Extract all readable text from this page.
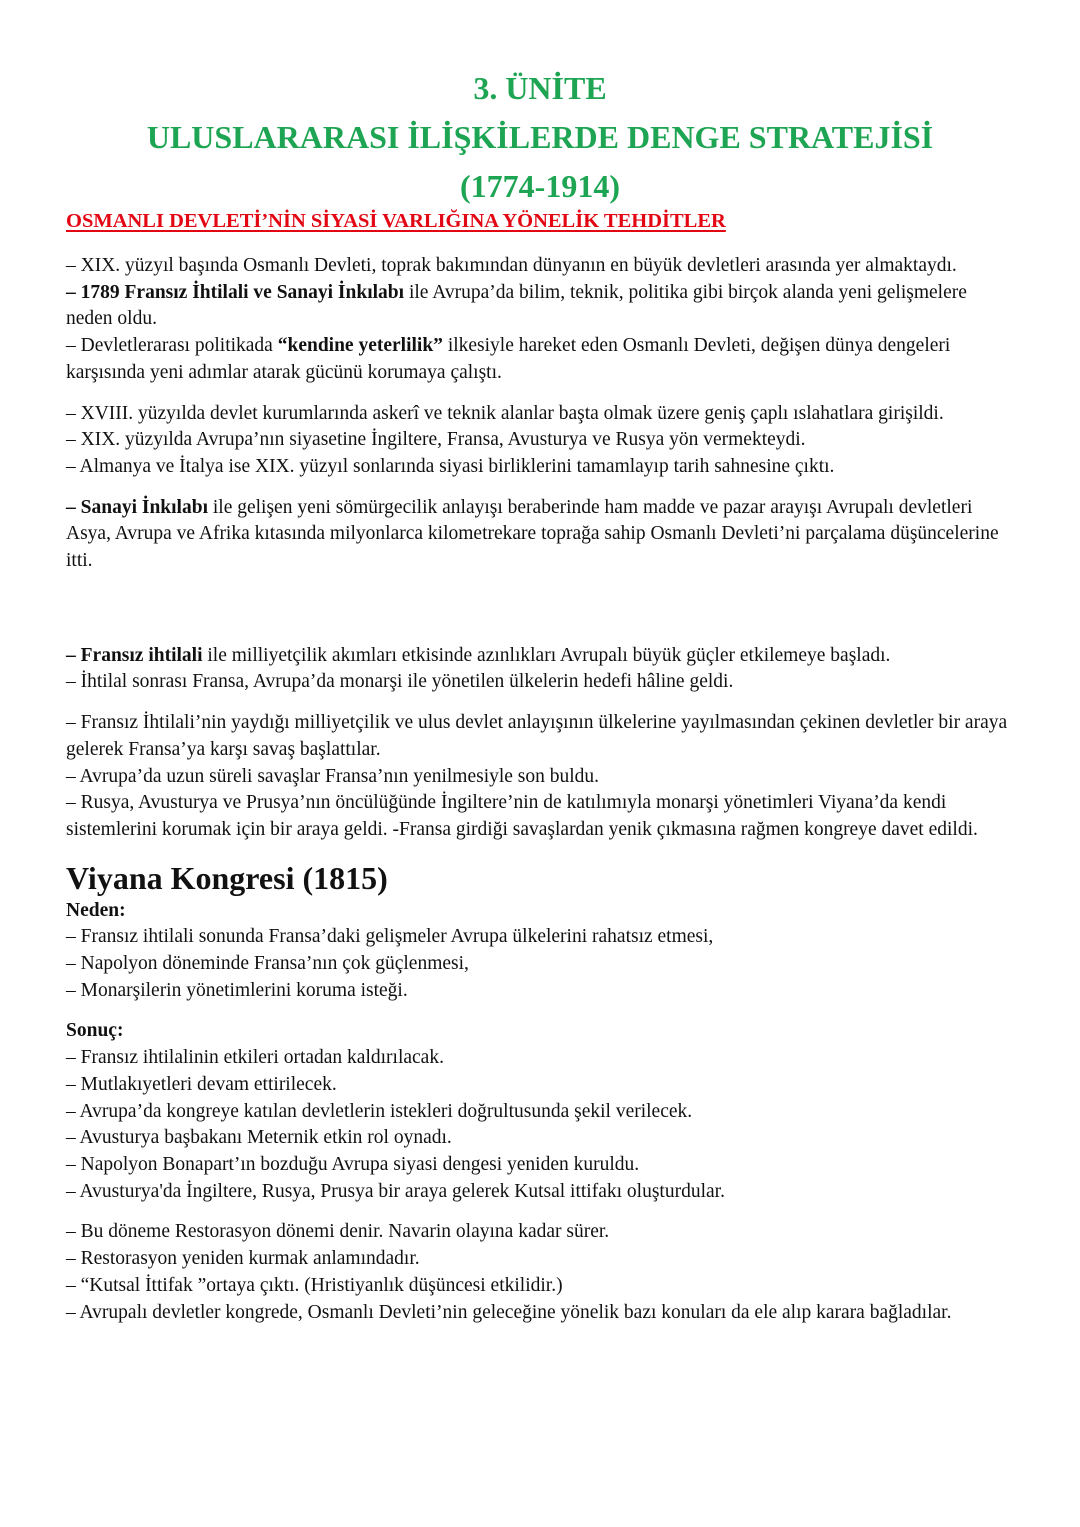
3. ÜNİTE
ULUSLARARASI İLİŞKİLERDE DENGE STRATEJİSİ
(1774-1914)
OSMANLI DEVLETİ’NİN SİYASİ VARLIĞINA YÖNELİK TEHDİTLER

– XIX. yüzyıl başında Osmanlı Devleti, toprak bakımından dünyanın en büyük devletleri arasında yer almaktaydı.

– 1789 Fransız İhtilali ve Sanayi İnkılabı ile Avrupa’da bilim, teknik, politika gibi birçok alanda yeni gelişmelere neden oldu.

– Devletlerarası politikada “kendine yeterlilik” ilkesiyle hareket eden Osmanlı Devleti, değişen dünya dengeleri karşısında yeni adımlar atarak gücünü korumaya çalıştı.

– XVIII. yüzyılda devlet kurumlarında askerî ve teknik alanlar başta olmak üzere geniş çaplı ıslahatlara girişildi.

– XIX. yüzyılda Avrupa’nın siyasetine İngiltere, Fransa, Avusturya ve Rusya yön vermekteydi.

– Almanya ve İtalya ise XIX. yüzyıl sonlarında siyasi birliklerini tamamlayıp tarih sahnesine çıktı.

– Sanayi İnkılabı ile gelişen yeni sömürgecilik anlayışı beraberinde ham madde ve pazar arayışı Avrupalı devletleri Asya, Avrupa ve Afrika kıtasında milyonlarca kilometrekare toprağa sahip Osmanlı Devleti’ni parçalama düşüncelerine itti.

– Fransız ihtilali ile milliyetçilik akımları etkisinde azınlıkları Avrupalı büyük güçler etkilemeye başladı.

– İhtilal sonrası Fransa, Avrupa’da monarşi ile yönetilen ülkelerin hedefi hâline geldi.

– Fransız İhtilali’nin yaydığı milliyetçilik ve ulus devlet anlayışının ülkelerine yayılmasından çekinen devletler bir araya gelerek Fransa’ya karşı savaş başlattılar.

– Avrupa’da uzun süreli savaşlar Fransa’nın yenilmesiyle son buldu.

– Rusya, Avusturya ve Prusya’nın öncülüğünde İngiltere’nin de katılımıyla monarşi yönetimleri Viyana’da kendi sistemlerini korumak için bir araya geldi. -Fransa girdiği savaşlardan yenik çıkmasına rağmen kongreye davet edildi.

Viyana Kongresi (1815)

Neden:

– Fransız ihtilali sonunda Fransa’daki gelişmeler Avrupa ülkelerini rahatsız etmesi,

– Napolyon döneminde Fransa’nın çok güçlenmesi,

– Monarşilerin yönetimlerini koruma isteği.

Sonuç:

– Fransız ihtilalinin etkileri ortadan kaldırılacak.

– Mutlakıyetleri devam ettirilecek.

– Avrupa’da kongreye katılan devletlerin istekleri doğrultusunda şekil verilecek.

– Avusturya başbakanı Meternik etkin rol oynadı.

– Napolyon Bonapart’ın bozduğu Avrupa siyasi dengesi yeniden kuruldu.

– Avusturya'da İngiltere, Rusya, Prusya bir araya gelerek Kutsal ittifakı oluşturdular.

– Bu döneme Restorasyon dönemi denir. Navarin olayına kadar sürer.

– Restorasyon yeniden kurmak anlamındadır.

– “Kutsal İttifak ”ortaya çıktı. (Hristiyanlık düşüncesi etkilidir.)

– Avrupalı devletler kongrede, Osmanlı Devleti’nin geleceğine yönelik bazı konuları da ele alıp karara bağladılar.
